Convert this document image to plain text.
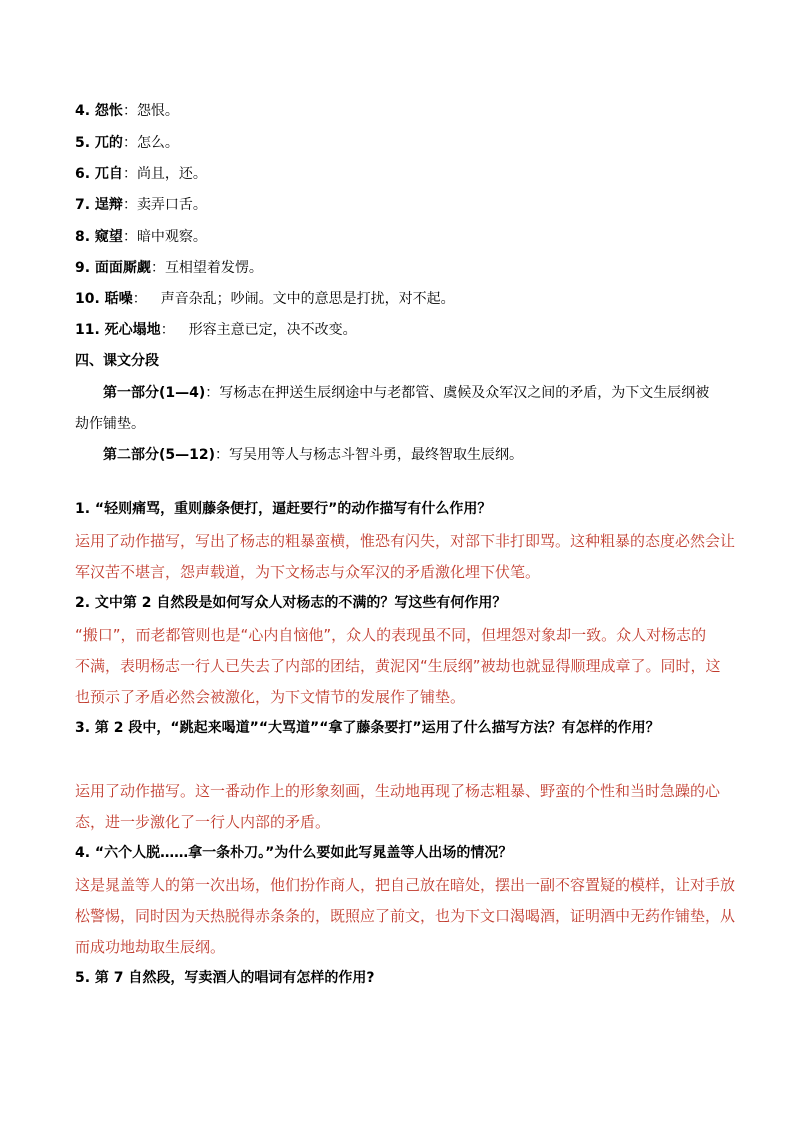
4. 怨怅：怨恨。
5. 兀的：怎么。
6. 兀自：尚且，还。
7. 逞辩：卖弄口舌。
8. 窥望：暗中观察。
9. 面面厮觑：互相望着发愣。
10. 聒噪： 声音杂乱；吵闹。文中的意思是打扰，对不起。
11. 死心塌地： 形容主意已定，决不改变。
四、课文分段
第一部分(1—4)：写杨志在押送生辰纲途中与老都管、虞候及众军汉之间的矛盾，为下文生辰纲被
劫作铺垫。
第二部分(5—12)：写吴用等人与杨志斗智斗勇，最终智取生辰纲。
1. “轻则痛骂，重则藤条便打，逼赶要行”的动作描写有什么作用？
运用了动作描写，写出了杨志的粗暴蛮横，惟恐有闪失，对部下非打即骂。这种粗暴的态度必然会让
军汉苦不堪言，怨声载道，为下文杨志与众军汉的矛盾激化埋下伏笔。
2. 文中第 2 自然段是如何写众人对杨志的不满的？写这些有何作用？
“搬口”，而老都管则也是“心内自恼他”，众人的表现虽不同，但埋怨对象却一致。众人对杨志的
不满，表明杨志一行人已失去了内部的团结，黄泥冈“生辰纲”被劫也就显得顺理成章了。同时，这
也预示了矛盾必然会被激化，为下文情节的发展作了铺垫。
3. 第 2 段中，“跳起来喝道”“大骂道”“拿了藤条要打”运用了什么描写方法？有怎样的作用？
运用了动作描写。这一番动作上的形象刻画，生动地再现了杨志粗暴、野蛮的个性和当时急躁的心
态，进一步激化了一行人内部的矛盾。
4. “六个人脱……拿一条朴刀。”为什么要如此写晁盖等人出场的情况？
这是晁盖等人的第一次出场，他们扮作商人，把自己放在暗处，摆出一副不容置疑的模样，让对手放
松警惕，同时因为天热脱得赤条条的，既照应了前文，也为下文口渴喝酒，证明酒中无药作铺垫，从
而成功地劫取生辰纲。
5. 第 7 自然段，写卖酒人的唱词有怎样的作用?
